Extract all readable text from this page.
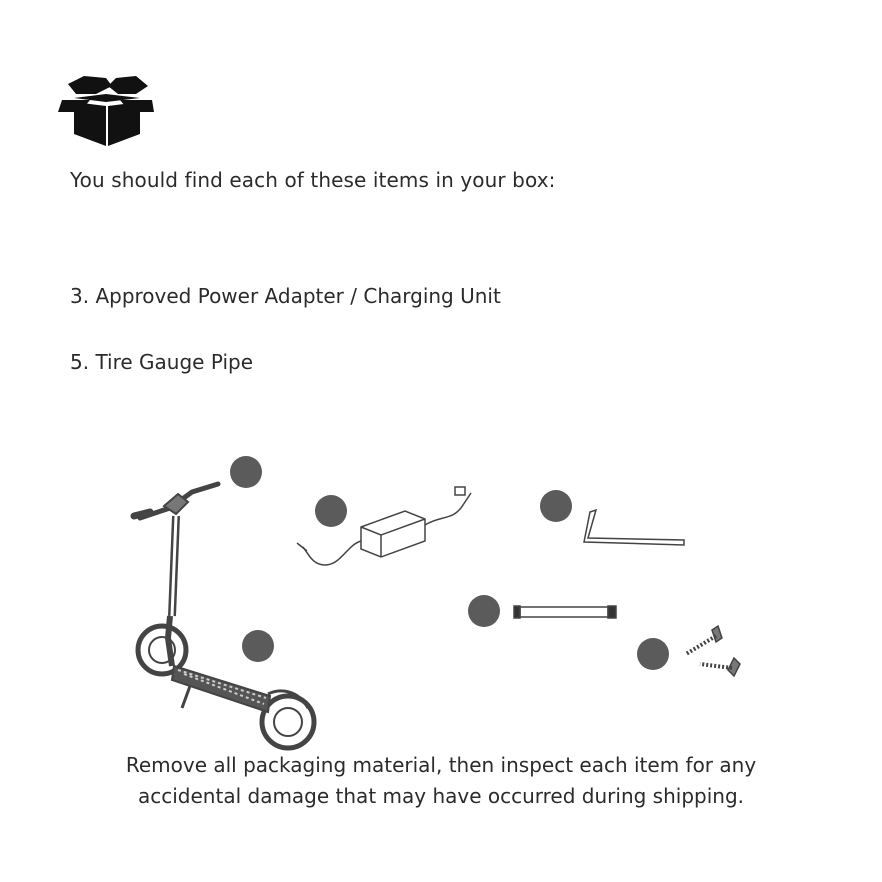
You should find each of these items in your box:
3. Approved Power Adapter / Charging Unit
5. Tire Gauge Pipe
Remove all packaging material, then inspect each item for any
accidental damage that may have occurred during shipping.
